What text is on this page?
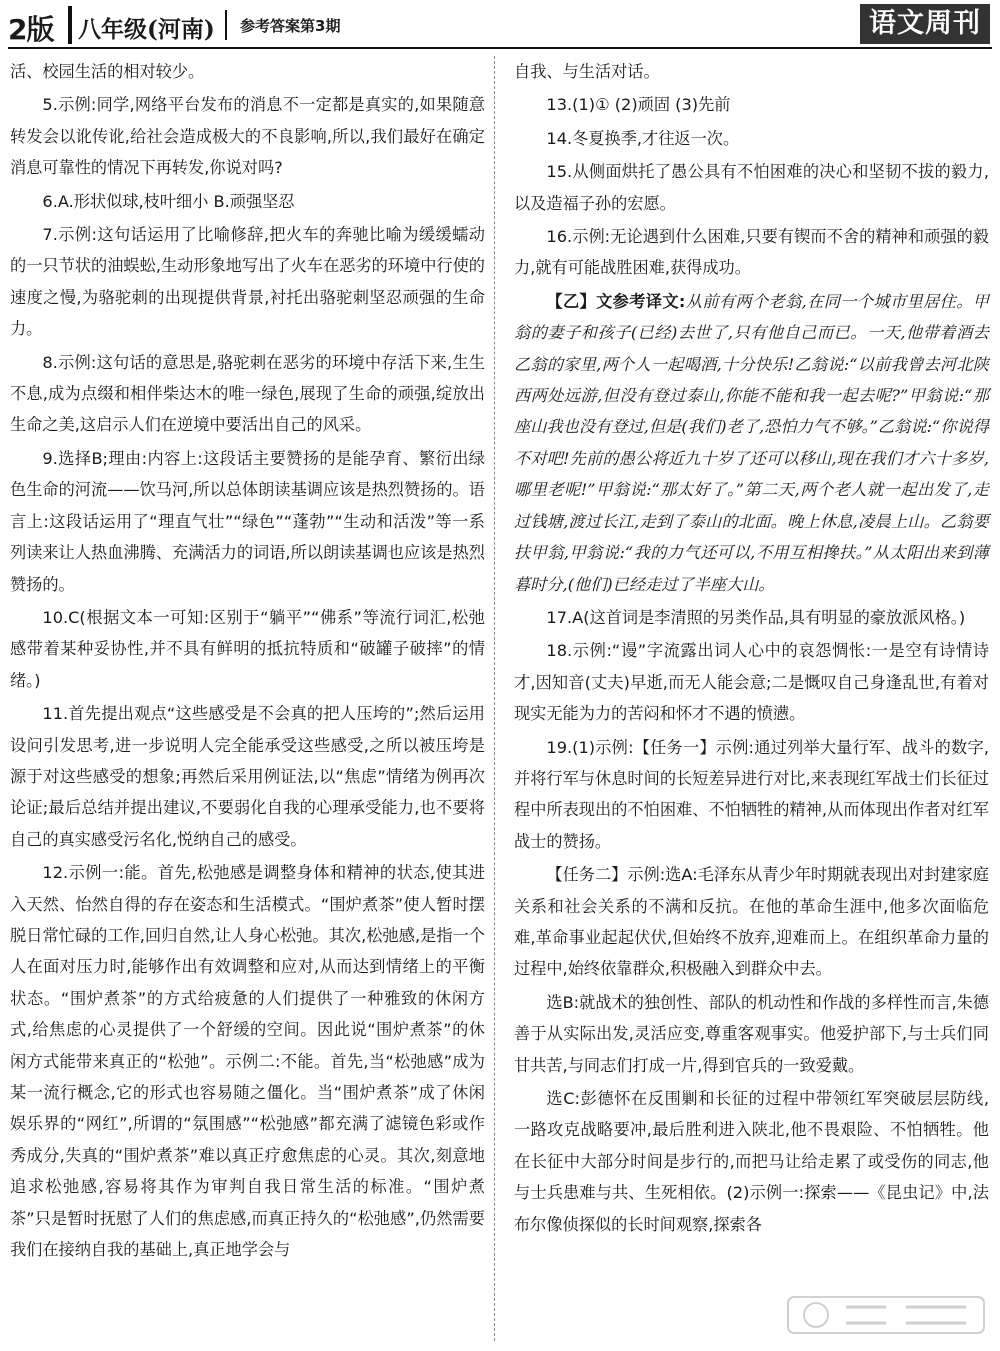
2版 八年级(河南) 参考答案第3期	语文周刊

活、校园生活的相对较少。

5.示例:同学,网络平台发布的消息不一定都是真实的,如果随意转发会以讹传讹,给社会造成极大的不良影响,所以,我们最好在确定消息可靠性的情况下再转发,你说对吗?

6.A.形状似球,枝叶细小 B.顽强坚忍

7.示例:这句话运用了比喻修辞,把火车的奔驰比喻为缓缓蠕动的一只节状的油蜈蚣,生动形象地写出了火车在恶劣的环境中行使的速度之慢,为骆驼刺的出现提供背景,衬托出骆驼刺坚忍顽强的生命力。

8.示例:这句话的意思是,骆驼刺在恶劣的环境中存活下来,生生不息,成为点缀和相伴柴达木的唯一绿色,展现了生命的顽强,绽放出生命之美,这启示人们在逆境中要活出自己的风采。

9.选择B;理由:内容上:这段话主要赞扬的是能孕育、繁衍出绿色生命的河流——饮马河,所以总体朗读基调应该是热烈赞扬的。语言上:这段话运用了“理直气壮”“绿色”“蓬勃”“生动和活泼”等一系列读来让人热血沸腾、充满活力的词语,所以朗读基调也应该是热烈赞扬的。

10.C(根据文本一可知:区别于“躺平”“佛系”等流行词汇,松弛感带着某种妥协性,并不具有鲜明的抵抗特质和“破罐子破摔”的情绪。)

11.首先提出观点“这些感受是不会真的把人压垮的”;然后运用设问引发思考,进一步说明人完全能承受这些感受,之所以被压垮是源于对这些感受的想象;再然后采用例证法,以“焦虑”情绪为例再次论证;最后总结并提出建议,不要弱化自我的心理承受能力,也不要将自己的真实感受污名化,悦纳自己的感受。

12.示例一:能。首先,松弛感是调整身体和精神的状态,使其进入天然、怡然自得的存在姿态和生活模式。“围炉煮茶”使人暂时摆脱日常忙碌的工作,回归自然,让人身心松弛。其次,松弛感,是指一个人在面对压力时,能够作出有效调整和应对,从而达到情绪上的平衡状态。“围炉煮茶”的方式给疲惫的人们提供了一种雅致的休闲方式,给焦虑的心灵提供了一个舒缓的空间。因此说“围炉煮茶”的休闲方式能带来真正的“松弛”。示例二:不能。首先,当“松弛感”成为某一流行概念,它的形式也容易随之僵化。当“围炉煮茶”成了休闲娱乐界的“网红”,所谓的“氛围感”“松弛感”都充满了滤镜色彩或作秀成分,失真的“围炉煮茶”难以真正疗愈焦虑的心灵。其次,刻意地追求松弛感,容易将其作为审判自我日常生活的标准。“围炉煮茶”只是暂时抚慰了人们的焦虑感,而真正持久的“松弛感”,仍然需要我们在接纳自我的基础上,真正地学会与

自我、与生活对话。

13.(1)① (2)顽固 (3)先前

14.冬夏换季,才往返一次。

15.从侧面烘托了愚公具有不怕困难的决心和坚韧不拔的毅力,以及造福子孙的宏愿。

16.示例:无论遇到什么困难,只要有锲而不舍的精神和顽强的毅力,就有可能战胜困难,获得成功。

【乙】文参考译文:从前有两个老翁,在同一个城市里居住。甲翁的妻子和孩子(已经)去世了,只有他自己而已。一天,他带着酒去乙翁的家里,两个人一起喝酒,十分快乐!乙翁说:“以前我曾去河北陕西两处远游,但没有登过泰山,你能不能和我一起去呢?”甲翁说:“那座山我也没有登过,但是(我们)老了,恐怕力气不够。”乙翁说:“你说得不对吧!先前的愚公将近九十岁了还可以移山,现在我们才六十多岁,哪里老呢!”甲翁说:“那太好了。”第二天,两个老人就一起出发了,走过钱塘,渡过长江,走到了泰山的北面。晚上休息,凌晨上山。乙翁要扶甲翁,甲翁说:“我的力气还可以,不用互相搀扶。”从太阳出来到薄暮时分,(他们)已经走过了半座大山。

17.A(这首词是李清照的另类作品,具有明显的豪放派风格。)

18.示例:“谩”字流露出词人心中的哀怨惆怅:一是空有诗情诗才,因知音(丈夫)早逝,而无人能会意;二是慨叹自己身逢乱世,有着对现实无能为力的苦闷和怀才不遇的愤懑。

19.(1)示例:【任务一】示例:通过列举大量行军、战斗的数字,并将行军与休息时间的长短差异进行对比,来表现红军战士们长征过程中所表现出的不怕困难、不怕牺牲的精神,从而体现出作者对红军战士的赞扬。

【任务二】示例:选A:毛泽东从青少年时期就表现出对封建家庭关系和社会关系的不满和反抗。在他的革命生涯中,他多次面临危难,革命事业起起伏伏,但始终不放弃,迎难而上。在组织革命力量的过程中,始终依靠群众,积极融入到群众中去。

选B:就战术的独创性、部队的机动性和作战的多样性而言,朱德善于从实际出发,灵活应变,尊重客观事实。他爱护部下,与士兵们同甘共苦,与同志们打成一片,得到官兵的一致爱戴。

选C:彭德怀在反围剿和长征的过程中带领红军突破层层防线,一路攻克战略要冲,最后胜利进入陕北,他不畏艰险、不怕牺牲。他在长征中大部分时间是步行的,而把马让给走累了或受伤的同志,他与士兵患难与共、生死相依。(2)示例一:探索——《昆虫记》中,法布尔像侦探似的长时间观察,探索各
